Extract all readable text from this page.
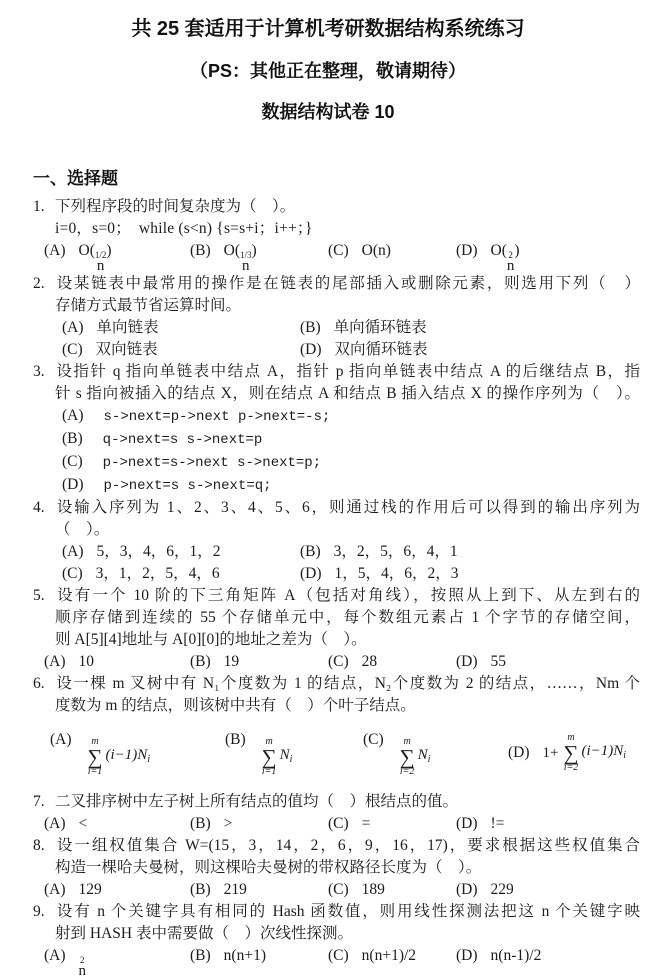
共 25 套适用于计算机考研数据结构系统练习
（PS：其他正在整理，敬请期待）
数据结构试卷 10
一、选择题
1. 下列程序段的时间复杂度为（　）。
i=0，s=0；　while (s<n) {s=s+i；i++；}
(A) O( 1/2
n
)	(B) O( 1/3
n
)	(C) O(n)	(D) O( 2
n
)
2. 设某链表中最常用的操作是在链表的尾部插入或删除元素，则选用下列（　）
存储方式最节省运算时间。
(A) 单向链表	(B) 单向循环链表
(C) 双向链表	(D) 双向循环链表
3. 设指针 q 指向单链表中结点 A，指针 p 指向单链表中结点 A 的后继结点 B，指
针 s 指向被插入的结点 X，则在结点 A 和结点 B 插入结点 X 的操作序列为（　）。
(A) s->next=p->next p->next=-s;
(B) q->next=s s->next=p
(C) p->next=s->next s->next=p;
(D) p->next=s s->next=q;
4. 设输入序列为 1、2、3、4、5、6，则通过栈的作用后可以得到的输出序列为
（　）。
(A) 5，3，4，6，1，2	(B) 3，2，5，6，4，1
(C) 3，1，2，5，4，6	(D) 1，5，4，6，2，3
5. 设有一个 10 阶的下三角矩阵 A（包括对角线），按照从上到下、从左到右的
顺序存储到连续的 55 个存储单元中，每个数组元素占 1 个字节的存储空间，
则 A[5][4]地址与 A[0][0]的地址之差为（　）。
(A) 10	(B) 19	(C) 28	(D) 55
6. 设一棵 m 叉树中有 N₁个度数为 1 的结点，N₂个度数为 2 的结点，……，Nm 个
度数为 m 的结点，则该树中共有（　）个叶子结点。
(A) m
∑
i=1
$(i-1)N_i$
(B) m
∑
i=1
$N_i$
(C) m
∑
i=2
$N_i$	(D) 1+
m
∑
i=2
$(i-1)N_i$
7. 二叉排序树中左子树上所有结点的值均（　）根结点的值。
(A) <	(B) >	(C) =	(D) !=
8. 设一组权值集合 W=(15，3，14，2，6，9，16，17)，要求根据这些权值集合
构造一棵哈夫曼树，则这棵哈夫曼树的带权路径长度为（　）。
(A) 129	(B) 219	(C) 189	(D) 229
9. 设有 n 个关键字具有相同的 Hash 函数值，则用线性探测法把这 n 个关键字映
射到 HASH 表中需要做（　）次线性探测。
(A) 2
n
(B) n(n+1)	(C) n(n+1)/2	(D) n(n-1)/2
